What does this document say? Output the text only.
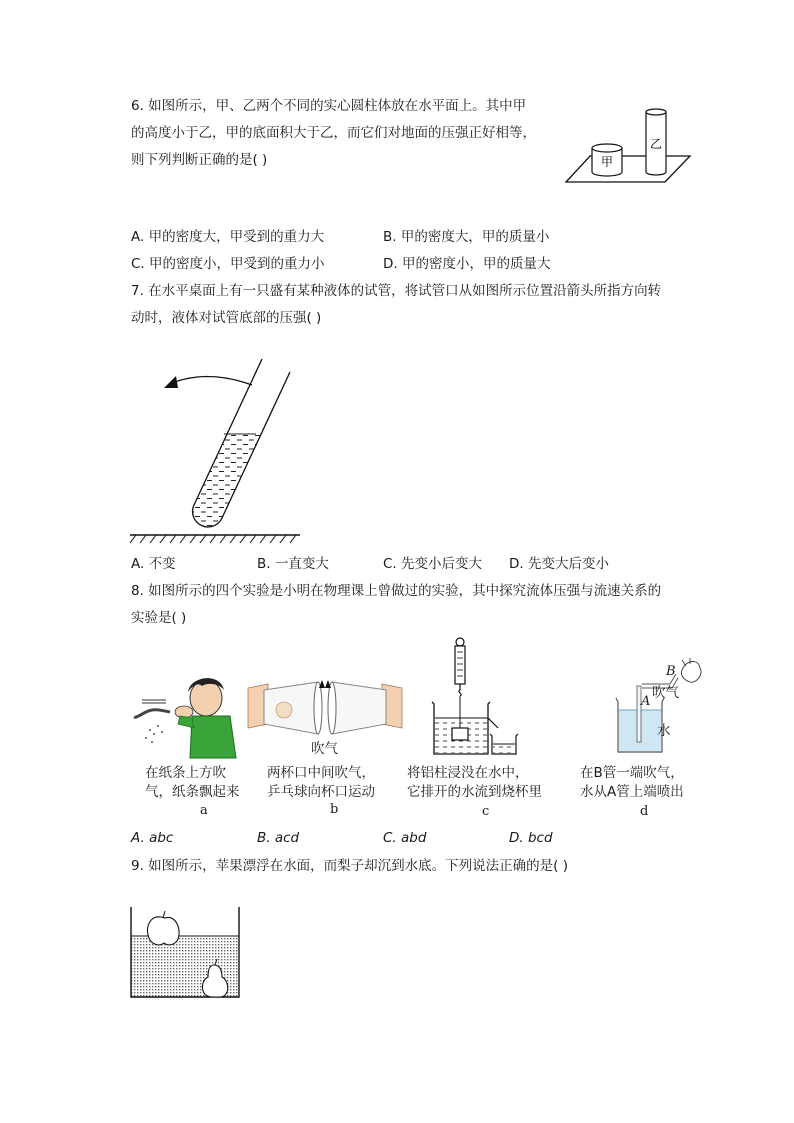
6. 如图所示，甲、乙两个不同的实心圆柱体放在水平面上。其中甲
的高度小于乙，甲的底面积大于乙，而它们对地面的压强正好相等，
则下列判断正确的是( )	甲
乙
A. 甲的密度大，甲受到的重力大	B. 甲的密度大，甲的质量小
C. 甲的密度小，甲受到的重力小	D. 甲的密度小，甲的质量大
7. 在水平桌面上有一只盛有某种液体的试管，将试管口从如图所示位置沿箭头所指方向转
动时，液体对试管底部的压强( )
A. 不变	B. 一直变大	C. 先变小后变大 D. 先变大后变小
8. 如图所示的四个实验是小明在物理课上曾做过的实验，其中探究流体压强与流速关系的
实验是( )
在纸条上方吹
气，纸条飘起来
a
吹气
两杯口中间吹气，
乒乓球向杯口运动
b
将铝柱浸没在水中，
它排开的水流到烧杯里
c
B
A
吹气
水
在B管一端吹气，
水从A管上端喷出
d
A. abc	B. acd	C. abd	D. bcd
9. 如图所示，苹果漂浮在水面，而梨子却沉到水底。下列说法正确的是( )
